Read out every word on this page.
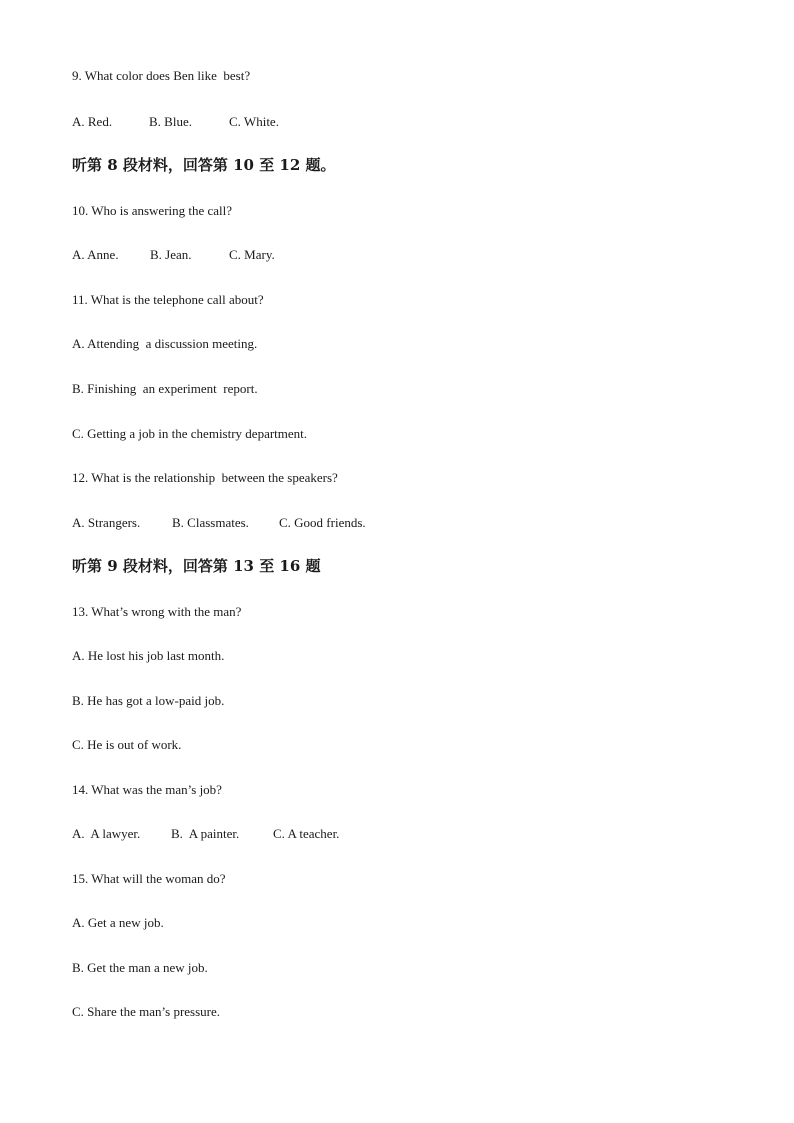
9. What color does Ben like  best?
A. Red.	B. Blue.	C. White.
听第 8 段材料，回答第 10 至 12 题。
10. Who is answering the call?
A. Anne. B. Jean.	C. Mary.
11. What is the telephone call about?
A. Attending  a discussion meeting.
B. Finishing  an experiment  report.
C. Getting a job in the chemistry department.
12. What is the relationship  between the speakers?
A. Strangers. B. Classmates. C. Good friends.
听第 9 段材料，回答第 13 至 16 题
13. What’s wrong with the man?
A. He lost his job last month.
B. He has got a low-paid job.
C. He is out of work.
14. What was the man’s job?
A.  A lawyer. B.  A painter.	C. A teacher.
15. What will the woman do?
A. Get a new job.
B. Get the man a new job.
C. Share the man’s pressure.
